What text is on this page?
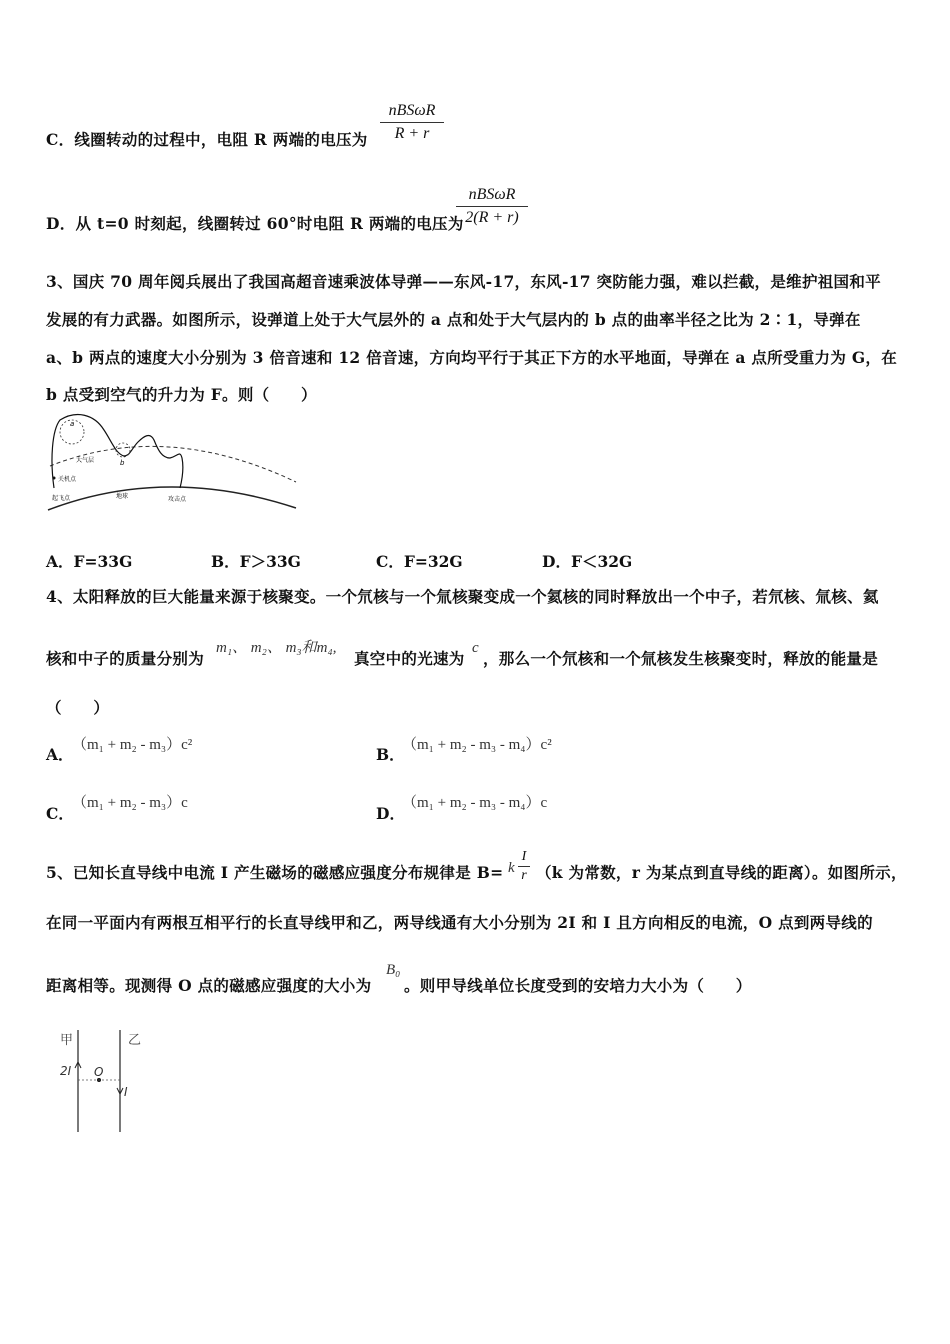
C．线圈转动的过程中，电阻 R 两端的电压为
nBSωR
R + r
D．从 t=0 时刻起，线圈转过 60°时电阻 R 两端的电压为
nBSωR
2(R + r)
3、国庆 70 周年阅兵展出了我国高超音速乘波体导弹——东风-17，东风-17 突防能力强，难以拦截，是维护祖国和平
发展的有力武器。如图所示，设弹道上处于大气层外的 a 点和处于大气层内的 b 点的曲率半径之比为 2∶1，导弹在
a、b 两点的速度大小分别为 3 倍音速和 12 倍音速，方向均平行于其正下方的水平地面，导弹在 a 点所受重力为 G，在
b 点受到空气的升力为 F。则（　　）
a
b
大气层
关机点
起飞点	地球	攻击点
A．F=33G	B．F＞33G	C．F=32G	D．F＜32G
4、太阳释放的巨大能量来源于核聚变。一个氘核与一个氚核聚变成一个氦核的同时释放出一个中子，若氘核、氚核、氦
核和中子的质量分别为
m₁、 m₂、 m₃和m₄,
真空中的光速为
c
，那么一个氘核和一个氚核发生核聚变时，释放的能量是
（　　）
A．
（m₁ + m₂ - m₃）c²	B．
（m₁ + m₂ - m₃ - m₄）c²
C．
（m₁ + m₂ - m₃）c
D．
（m₁ + m₂ - m₃ - m₄）c
5、已知长直导线中电流 I 产生磁场的磁感应强度分布规律是 B= k $\frac{I}{r} (k$ 为常数，r 为某点到直导线的距离）。如图所示，
在同一平面内有两根互相平行的长直导线甲和乙，两导线通有大小分别为 2I 和 I 且方向相反的电流，O 点到两导线的
距离相等。现测得 O 点的磁感应强度的大小为
B₀
。则甲导线单位长度受到的安培力大小为（　　）
甲	乙
2I O
I
